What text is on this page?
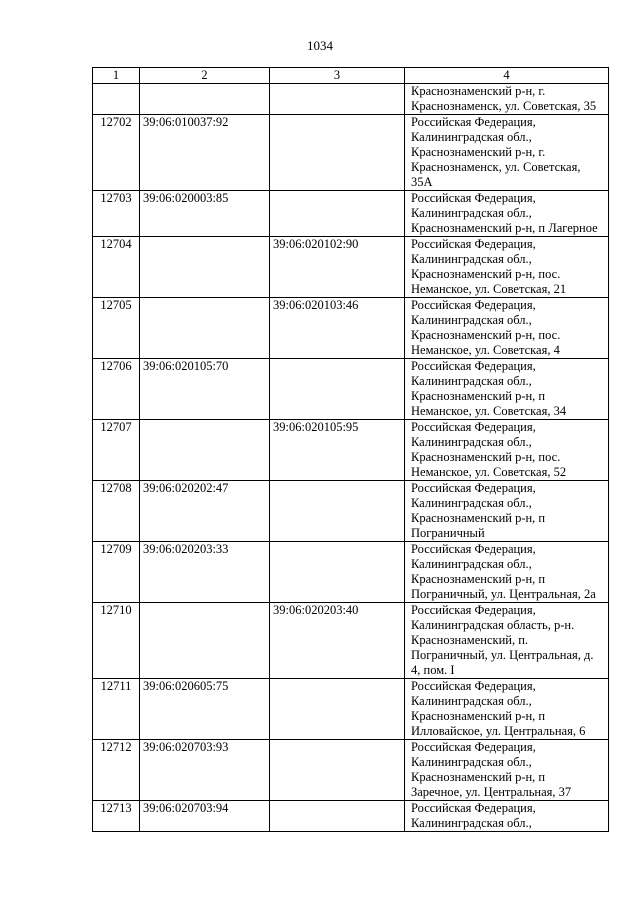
1034
1	2	3	4

			Краснознаменский р-н, г.
Краснознаменск, ул. Советская, 35

12702	39:06:010037:92		Российская Федерация,
Калининградская обл.,
Краснознаменский р-н, г.
Краснознаменск, ул. Советская,
35А

12703	39:06:020003:85		Российская Федерация,
Калининградская обл.,
Краснознаменский р-н, п Лагерное

12704		39:06:020102:90	Российская Федерация,
Калининградская обл.,
Краснознаменский р-н, пос.
Неманское, ул. Советская, 21

12705		39:06:020103:46	Российская Федерация,
Калининградская обл.,
Краснознаменский р-н, пос.
Неманское, ул. Советская, 4

12706	39:06:020105:70		Российская Федерация,
Калининградская обл.,
Краснознаменский р-н, п
Неманское, ул. Советская, 34

12707		39:06:020105:95	Российская Федерация,
Калининградская обл.,
Краснознаменский р-н, пос.
Неманское, ул. Советская, 52

12708	39:06:020202:47		Российская Федерация,
Калининградская обл.,
Краснознаменский р-н, п
Пограничный

12709	39:06:020203:33		Российская Федерация,
Калининградская обл.,
Краснознаменский р-н, п
Пограничный, ул. Центральная, 2а

12710		39:06:020203:40	Российская Федерация,
Калининградская область, р-н.
Краснознаменский, п.
Пограничный, ул. Центральная, д.
4, пом. I

12711	39:06:020605:75		Российская Федерация,
Калининградская обл.,
Краснознаменский р-н, п
Илловайское, ул. Центральная, 6

12712	39:06:020703:93		Российская Федерация,
Калининградская обл.,
Краснознаменский р-н, п
Заречное, ул. Центральная, 37

12713	39:06:020703:94		Российская Федерация,
Калининградская обл.,
